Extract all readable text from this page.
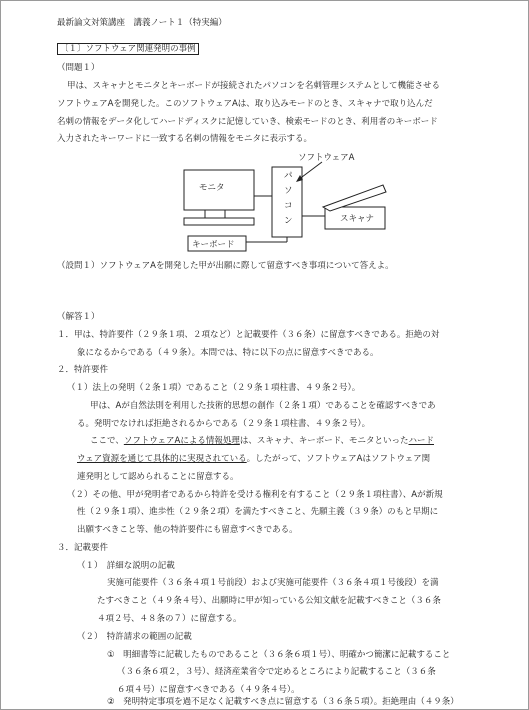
最新論文対策講座　講義ノート１（特実編）
〔１〕ソフトウェア関連発明の事例
（問題１）
甲は、スキャナとモニタとキーボードが接続されたパソコンを名刺管理システムとして機能させる
ソフトウェアAを開発した。このソフトウェアAは、取り込みモードのとき、スキャナで取り込んだ
名刺の情報をデータ化してハードディスクに記憶していき、検索モードのとき、利用者のキーボード
入力されたキーワードに一致する名刺の情報をモニタに表示する。
モニタ
パ
ソ
コ
ン
キーボード
スキャナ
ソフトウェアA
（設問１）ソフトウェアAを開発した甲が出願に際して留意すべき事項について答えよ。
（解答１）
１．甲は、特許要件（２９条１項、２項など）と記載要件（３６条）に留意すべきである。拒絶の対
象になるからである（４９条）。本問では、特に以下の点に留意すべきである。
２．特許要件
（１）法上の発明（２条１項）であること（２９条１項柱書、４９条２号）。
甲は、Aが自然法則を利用した技術的思想の創作（２条１項）であることを確認すべきであ
る。発明でなければ拒絶されるからである（２９条１項柱書、４９条２号）。
ここで、ソフトウェアAによる情報処理は、スキャナ、キーボード、モニタといったハード
ウェア資源を通じて具体的に実現されている。したがって、ソフトウェアAはソフトウェア関
連発明として認められることに留意する。
（２）その他、甲が発明者であるから特許を受ける権利を有すること（２９条１項柱書）、Aが新規
性（２９条１項）、進歩性（２９条２項）を満たすべきこと、先願主義（３９条）のもと早期に
出願すべきこと等、他の特許要件にも留意すべきである。
３．記載要件
（１）　詳細な説明の記載
実施可能要件（３６条４項１号前段）および実施可能要件（３６条４項１号後段）を満
たすべきこと（４９条４号）、出願時に甲が知っている公知文献を記載すべきこと（３６条
４項２号、４８条の７）に留意する。
（２）　特許請求の範囲の記載
①　明細書等に記載したものであること（３６条６項１号）、明確かつ簡潔に記載すること
（３６条６項２，３号）、経済産業省令で定めるところにより記載すること（３６条
６項４号）に留意すべきである（４９条４号）。
②　発明特定事項を過不足なく記載すべき点に留意する（３６条５項）。拒絶理由（４９条）
